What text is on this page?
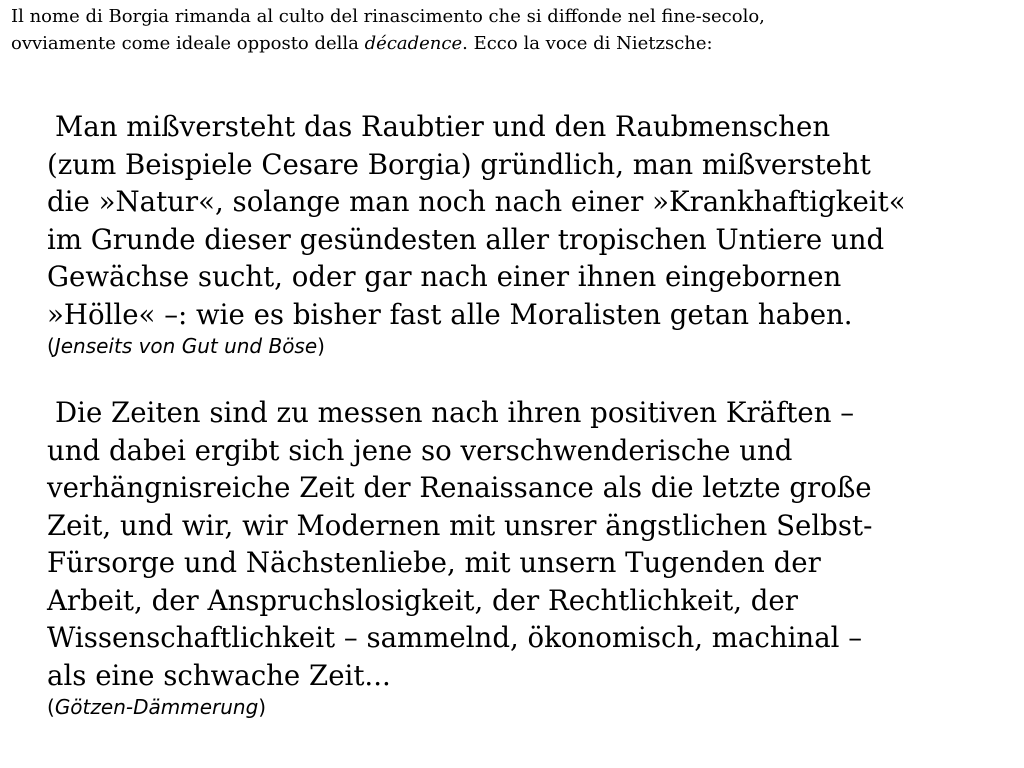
Il nome di Borgia rimanda al culto del rinascimento che si diffonde nel fine-secolo,
ovviamente come ideale opposto della décadence. Ecco la voce di Nietzsche:
Man mißversteht das Raubtier und den Raubmenschen
(zum Beispiele Cesare Borgia) gründlich, man mißversteht
die »Natur«, solange man noch nach einer »Krankhaftigkeit«
im Grunde dieser gesündesten aller tropischen Untiere und
Gewächse sucht, oder gar nach einer ihnen eingebornen
»Hölle« –: wie es bisher fast alle Moralisten getan haben.
(Jenseits von Gut und Böse)
Die Zeiten sind zu messen nach ihren positiven Kräften –
und dabei ergibt sich jene so verschwenderische und
verhängnisreiche Zeit der Renaissance als die letzte große
Zeit, und wir, wir Modernen mit unsrer ängstlichen Selbst-
Fürsorge und Nächstenliebe, mit unsern Tugenden der
Arbeit, der Anspruchslosigkeit, der Rechtlichkeit, der
Wissenschaftlichkeit – sammelnd, ökonomisch, machinal –
als eine schwache Zeit...
(Götzen-Dämmerung)
